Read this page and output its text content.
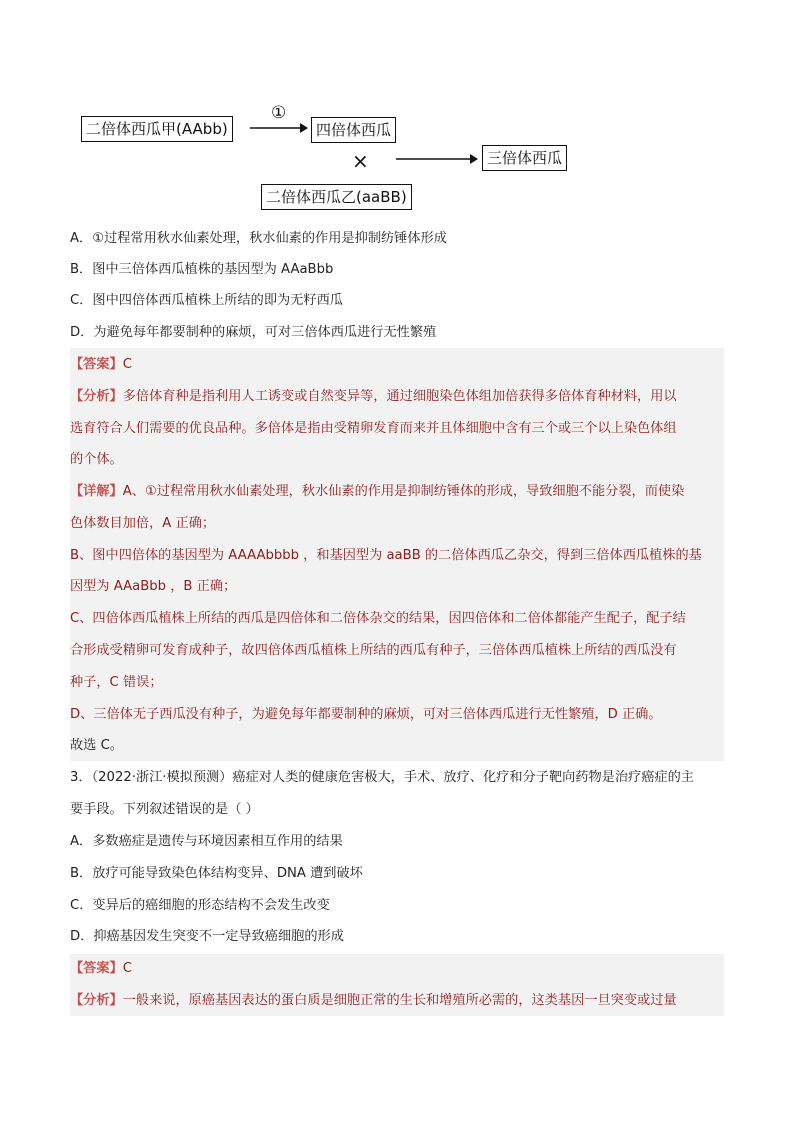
二倍体西瓜甲(AAbb)
①
四倍体西瓜
×	三倍体西瓜
二倍体西瓜乙(aaBB)
A．①过程常用秋水仙素处理，秋水仙素的作用是抑制纺锤体形成
B．图中三倍体西瓜植株的基因型为 AAaBbb
C．图中四倍体西瓜植株上所结的即为无籽西瓜
D．为避免每年都要制种的麻烦，可对三倍体西瓜进行无性繁殖
【答案】C
【分析】多倍体育种是指利用人工诱变或自然变异等，通过细胞染色体组加倍获得多倍体育种材料，用以
选育符合人们需要的优良品种。多倍体是指由受精卵发育而来并且体细胞中含有三个或三个以上染色体组
的个体。
【详解】A、①过程常用秋水仙素处理，秋水仙素的作用是抑制纺锤体的形成，导致细胞不能分裂，而使染
色体数目加倍，A 正确；
B、图中四倍体的基因型为 AAAAbbbb ，和基因型为 aaBB 的二倍体西瓜乙杂交，得到三倍体西瓜植株的基
因型为 AAaBbb ，B 正确；
C、四倍体西瓜植株上所结的西瓜是四倍体和二倍体杂交的结果，因四倍体和二倍体都能产生配子，配子结
合形成受精卵可发育成种子，故四倍体西瓜植株上所结的西瓜有种子，三倍体西瓜植株上所结的西瓜没有
种子，C 错误；
D、三倍体无子西瓜没有种子，为避免每年都要制种的麻烦，可对三倍体西瓜进行无性繁殖，D 正确。
故选 C。
3．（2022·浙江·模拟预测）癌症对人类的健康危害极大，手术、放疗、化疗和分子靶向药物是治疗癌症的主
要手段。下列叙述错误的是（ ）
A．多数癌症是遗传与环境因素相互作用的结果
B．放疗可能导致染色体结构变异、DNA 遭到破坏
C．变异后的癌细胞的形态结构不会发生改变
D．抑癌基因发生突变不一定导致癌细胞的形成
【答案】C
【分析】一般来说，原癌基因表达的蛋白质是细胞正常的生长和增殖所必需的，这类基因一旦突变或过量
